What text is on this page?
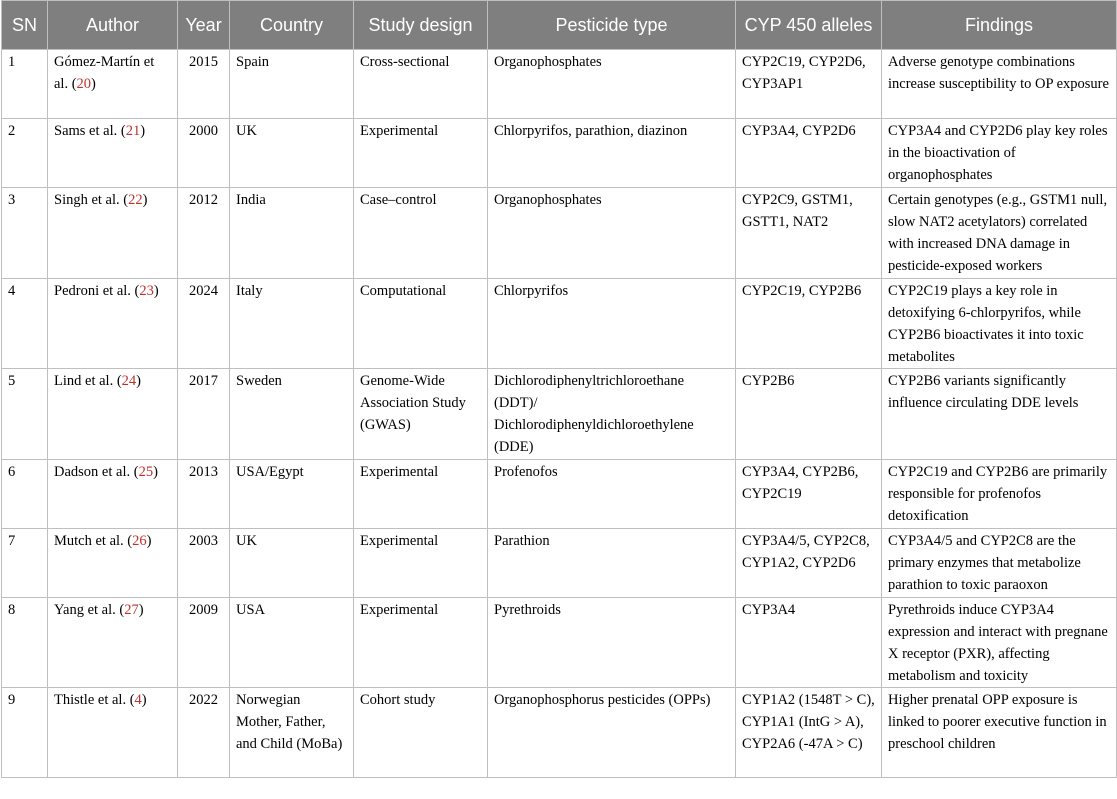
SN	Author	Year	Country	Study design	Pesticide type	CYP 450 alleles	Findings
1	Gómez-Martín et al. (20)	2015	Spain	Cross-sectional	Organophosphates	CYP2C19, CYP2D6, CYP3AP1	Adverse genotype combinations increase susceptibility to OP exposure
2	Sams et al. (21)	2000	UK	Experimental	Chlorpyrifos, parathion, diazinon	CYP3A4, CYP2D6	CYP3A4 and CYP2D6 play key roles in the bioactivation of organophosphates
3	Singh et al. (22)	2012	India	Case–control	Organophosphates	CYP2C9, GSTM1, GSTT1, NAT2	Certain genotypes (e.g., GSTM1 null, slow NAT2 acetylators) correlated with increased DNA damage in pesticide-exposed workers
4	Pedroni et al. (23)	2024	Italy	Computational	Chlorpyrifos	CYP2C19, CYP2B6	CYP2C19 plays a key role in detoxifying 6-chlorpyrifos, while CYP2B6 bioactivates it into toxic metabolites
5	Lind et al. (24)	2017	Sweden	Genome-Wide Association Study (GWAS)	Dichlorodiphenyltrichloroethane (DDT)/ Dichlorodiphenyldichloroethylene (DDE)	CYP2B6	CYP2B6 variants significantly influence circulating DDE levels
6	Dadson et al. (25)	2013	USA/Egypt	Experimental	Profenofos	CYP3A4, CYP2B6, CYP2C19	CYP2C19 and CYP2B6 are primarily responsible for profenofos detoxification
7	Mutch et al. (26)	2003	UK	Experimental	Parathion	CYP3A4/5, CYP2C8, CYP1A2, CYP2D6	CYP3A4/5 and CYP2C8 are the primary enzymes that metabolize parathion to toxic paraoxon
8	Yang et al. (27)	2009	USA	Experimental	Pyrethroids	CYP3A4	Pyrethroids induce CYP3A4 expression and interact with pregnane X receptor (PXR), affecting metabolism and toxicity
9	Thistle et al. (4)	2022	Norwegian Mother, Father, and Child (MoBa)	Cohort study	Organophosphorus pesticides (OPPs)	CYP1A2 (1548T > C), CYP1A1 (IntG > A), CYP2A6 (-47A > C)	Higher prenatal OPP exposure is linked to poorer executive function in preschool children
